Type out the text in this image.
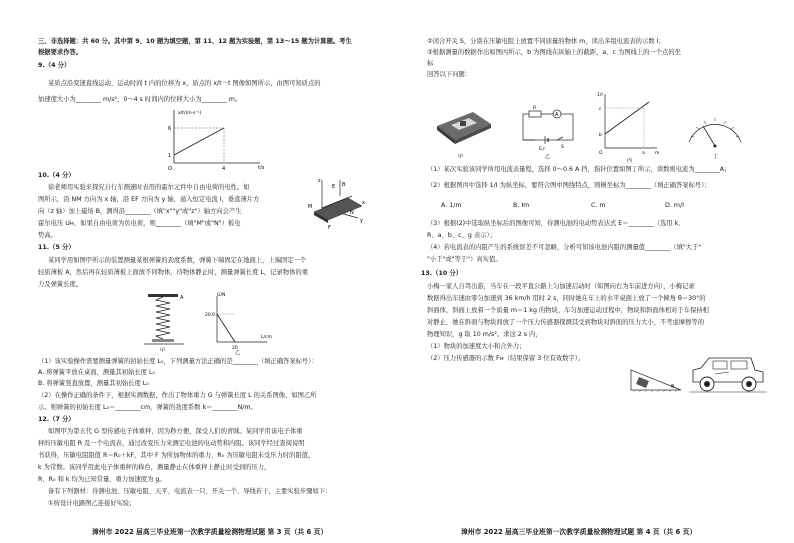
三、非选择题：共 60 分。其中第 9、10 题为填空题，第 11、12 题为实验题，第 13～15 题为计算题。考生
根据要求作答。
9.（4 分）
某质点沿变速直线运动，运动时间 t 内的位移为 x，质点的 x/t－t 图像如图所示，由图可知质点的
加速度大小为________ m/s²，0～4 s 时间内的位移大小为________ m。
x/t/(m·s⁻¹)
6
1
4	t/s
O
10.（4 分）
徐老师用实验来探究自行车测速时表用的霍尔元件中自由电荷的电性。如
图所示，沿 NM 方向为 x 轴，沿 EF 方向为 y 轴，通入恒定电流 I，垂直薄片方
向（z 轴）加上磁场 B，测得沿________（填"x""y"或"z"）轴方向会产生
霍尔电压 Uн，如果自由电荷为负电荷，则________（填"M"或"N"）板电
势高。
z
E B
x
y
M
N
F
11.（5 分）
某同学用如图甲所示的装置测量某根弹簧的劲度系数，弹簧下端固定在地面上，上端固定一个
轻质薄板 A，然后再在轻质薄板上面放不同物体，待物体静止时，测量弹簧长度 L，记录物体的重
力及弹簧长度。
A
甲
G/N
20.0
20
L/cm
乙
（1）该实验操作需要测量弹簧的初始长度 L₀，下列测量方法正确的是________（填正确答案标号）：
A. 将弹簧平放在桌面，测量其初始长度 L₀
B. 将弹簧竖直放置，测量其初始长度 L₀
（2）在操作正确的条件下，根据实测数据，作出了物体重力 G 与弹簧长度 L 的关系图像，如图乙所
示。则弹簧的初始长度 L₀＝________cm，弹簧的劲度系数 k＝________N/m。
12.（7 分）
如图甲为第五代 G 型传感电子体重秤，因为秒方便，深受人们的青睐。某同学用该电子体重
秤的压敏电阻 R 及一个电流表，通过改变压力来测定电池的电动势和内阻。该同学经过查阅说明
书获得，压敏电阻阻值 R＝R₀＋kF，其中 F 为所加物体的重力，R₀ 为压敏电阻未受压力时的阻值，
k 为常数。该同学用此电子体重秤的称台，测量静止在体重秤上静止时受到的压力，
R、R₀ 和 k 均为已知常量，重力加速度为 g。
备有下列器材：待测电池、压敏电阻、天平、电流表一只、开关一个、导线若干，主要实验步骤如下：
①按设计电路图乙连接好实验；
漳州市 2022 届高三毕业班第一次教学质量检测物理试题 第 3 页（共 6 页）
②闭合开关 S，分别在压敏电阻上放置不同质量的物体 m，读出多组电流表的示数 I；
③根据测量的数据作出如图丙所示，b 为图线在纵轴上的截距，a、c 为图线上的一个点的坐
标
回答以下问题：
甲
A
R
E,r	S
乙
1/I
b
c
a m
O
丙
丁
（1）某次实验该同学所用电流表量程，选择 0～0.6 A 挡，指针位置如图丁所示，读数则电流为________A；
（2）根据图丙中选择 1/I 为纵坐标，要符合图中图线特点，则横坐标为________（填正确答案标号）；
A. 1/m	B. Im	C. m	D. m/I
（3）根据(2)中选取纵坐标后的图像可知，待测电池的电动势表达式 E＝________（选用 k、
R、a、b、c、g 表示）；
（4）若电流表的内阻产生的系统误差不可忽略，分析可知该电池内阻的测量值________（填"大于"
"小于"或"等于"）真实值。
13.（10 分）
小梅一家人自驾出游，当车在一段平直公路上匀加速启动时（如图向右为车前进方向），小梅记录
数据得出车速由零匀加速到 36 km/h 用时 2 s，同时她在车上的水平桌面上放了一个倾角 θ＝30°的
斜面体，斜面上放着一个质量 m＝1 kg 的物块，车匀加速运动过程中，物块和斜面体相对于车保持相
对静止，她在斜面与物块间放了一个压力传感器探测其受到物块对斜面的压力大小，不考虑摩擦等的
物理知识，g 取 10 m/s²。求这 2 s 内，
（1）物块的加速度大小和合外力；
（2）压力传感器的示数 Fн（结果保留 3 位有效数字）。
θ
漳州市 2022 届高三毕业班第一次教学质量检测物理试题 第 4 页（共 6 页）
